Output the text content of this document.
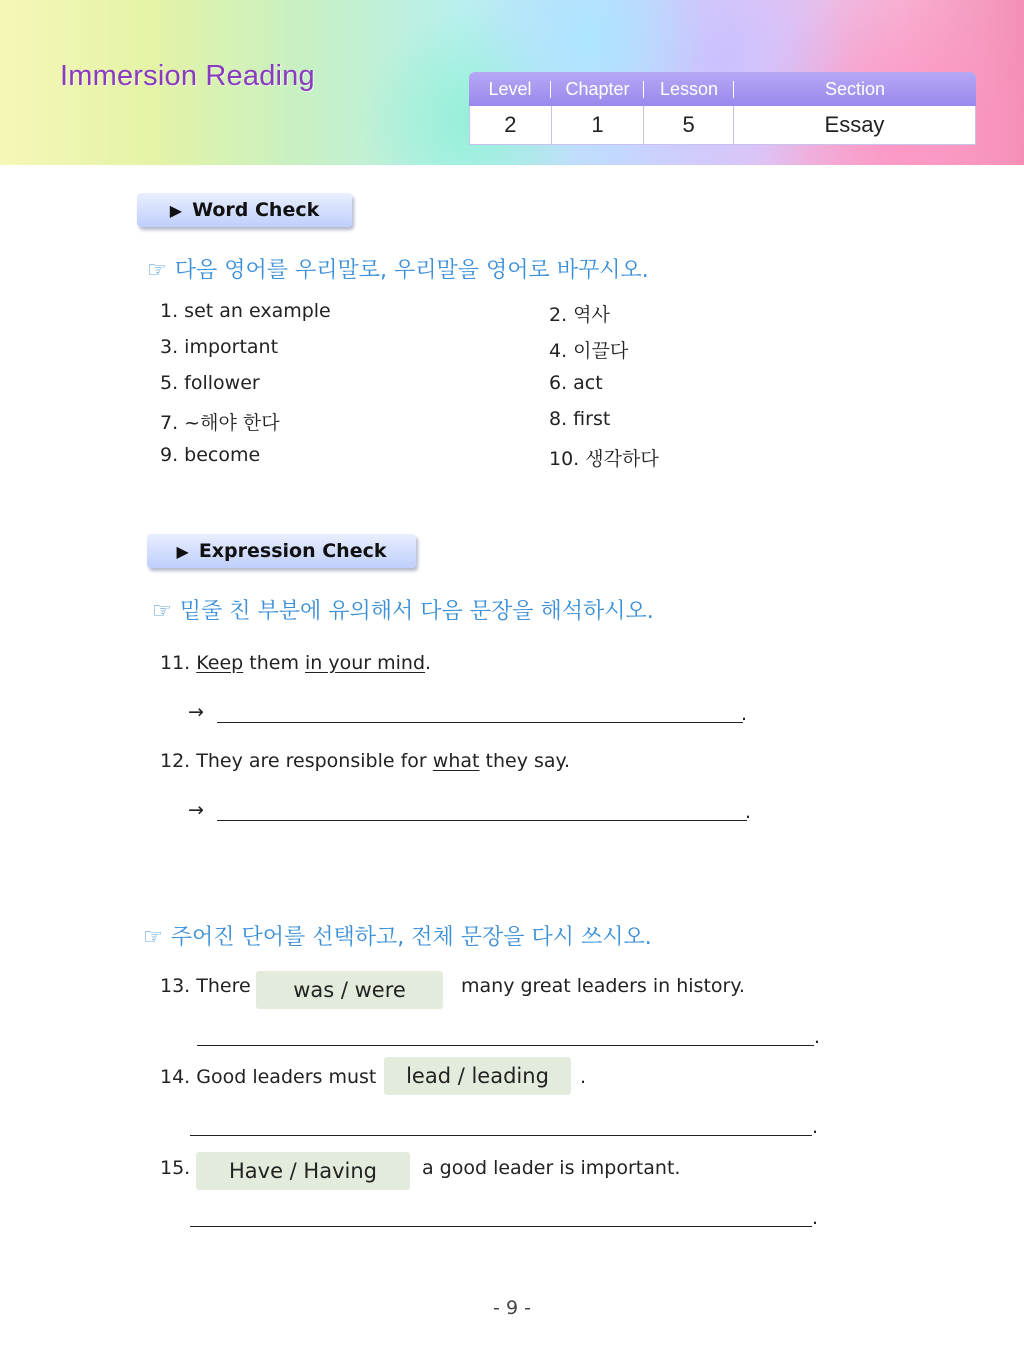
Immersion Reading	Level	Chapter	Lesson	Section
2	1	5	Essay
▶ Word Check
☞ 다음 영어를 우리말로, 우리말을 영어로 바꾸시오.
1. set an example	2. 역사
3. important	4. 이끌다
5. follower	6. act
7. ~해야 한다	8. first
9. become	10. 생각하다
▶ Expression Check
☞ 밑줄 친 부분에 유의해서 다음 문장을 해석하시오.
11. Keep them in your mind.
→	.
12. They are responsible for what they say.
→	.
☞ 주어진 단어를 선택하고, 전체 문장을 다시 쓰시오.
13. There	was / were	many great leaders in history.
.
14. Good leaders must	lead / leading	.
.
15.	Have / Having	a good leader is important.
.
- 9 -
